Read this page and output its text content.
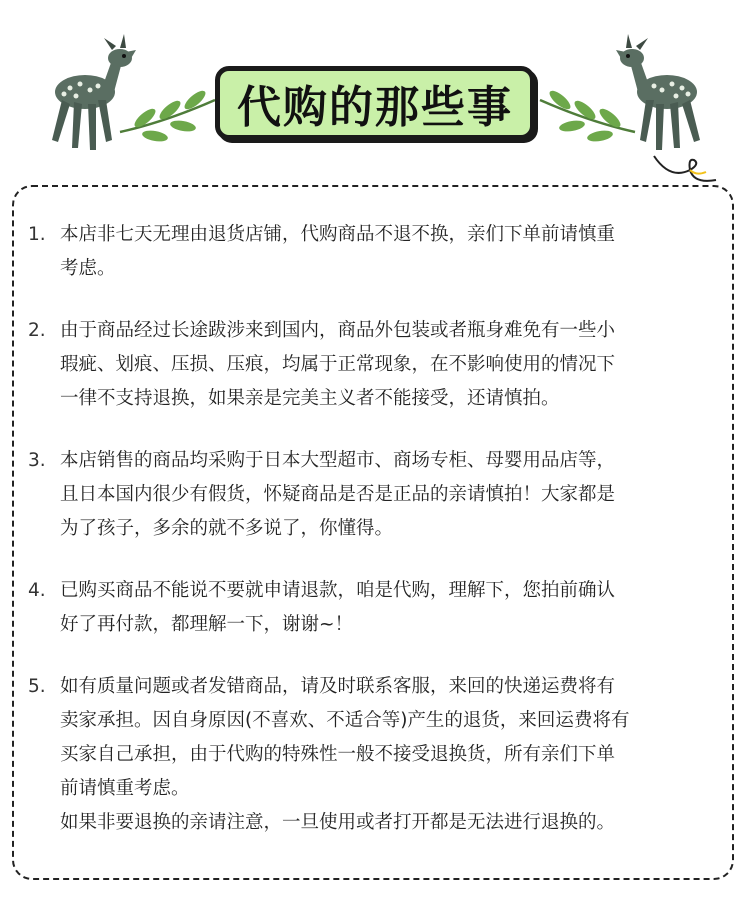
代购的那些事
1. 本店非七天无理由退货店铺，代购商品不退不换，亲们下单前请慎重
考虑。
2. 由于商品经过长途跋涉来到国内，商品外包装或者瓶身难免有一些小
瑕疵、划痕、压损、压痕，均属于正常现象，在不影响使用的情况下
一律不支持退换，如果亲是完美主义者不能接受，还请慎拍。
3. 本店销售的商品均采购于日本大型超市、商场专柜、母婴用品店等，
且日本国内很少有假货，怀疑商品是否是正品的亲请慎拍！大家都是
为了孩子，多余的就不多说了，你懂得。
4. 已购买商品不能说不要就申请退款，咱是代购，理解下，您拍前确认
好了再付款，都理解一下，谢谢~！
5. 如有质量问题或者发错商品，请及时联系客服，来回的快递运费将有
卖家承担。因自身原因(不喜欢、不适合等)产生的退货，来回运费将有
买家自己承担，由于代购的特殊性一般不接受退换货，所有亲们下单
前请慎重考虑。
如果非要退换的亲请注意，一旦使用或者打开都是无法进行退换的。
